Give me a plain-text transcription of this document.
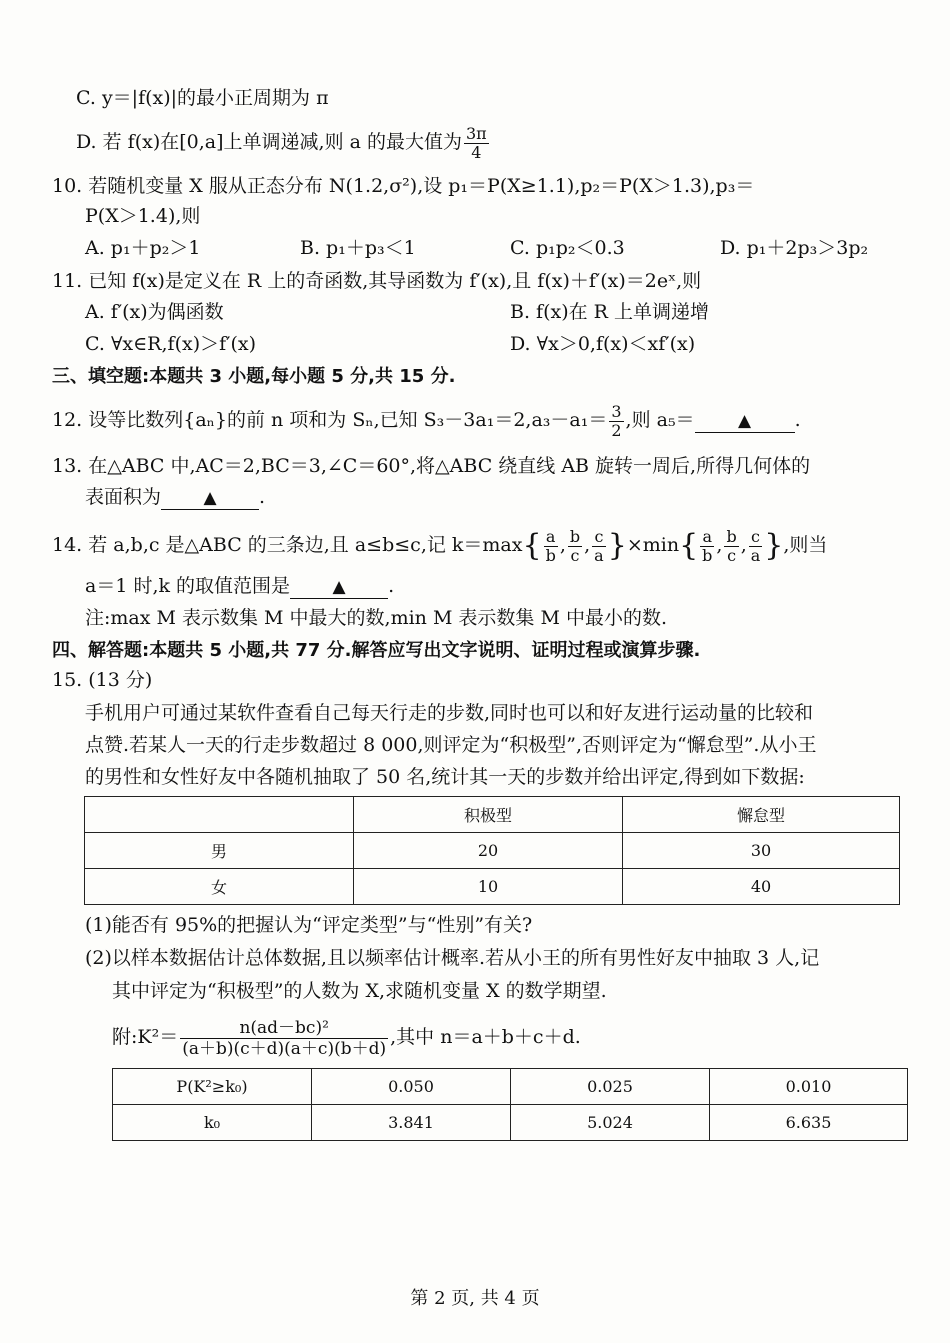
C. y＝|f(x)|的最小正周期为 π
D. 若 f(x)在[0,a]上单调递减,则 a 的最大值为 $\frac{3\pi}{4}$
10. 若随机变量 X 服从正态分布 N(1.2,σ²),设 p₁＝P(X≥1.1),p₂＝P(X＞1.3),p₃＝
P(X＞1.4),则
A. p₁＋p₂＞1	B. p₁＋p₃＜1	C. p₁p₂＜0.3	D. p₁＋2p₃＞3p₂
11. 已知 f(x)是定义在 R 上的奇函数,其导函数为 f′(x),且 f(x)＋f′(x)＝2eˣ,则
A. f′(x)为偶函数	B. f(x)在 R 上单调递增
C. ∀x∈R,f(x)＞f′(x)	D. ∀x＞0,f(x)＜xf′(x)
三、填空题:本题共 3 小题,每小题 5 分,共 15 分.
12. 设等比数列{aₙ}的前 n 项和为 Sₙ,已知 $S_3-3a_1=2,a_3-a_1= \frac{3}{2}$ ,则 a₅＝	▲ .
13. 在△ABC 中,AC＝2,BC＝3,∠C＝60°,将△ABC 绕直线 AB 旋转一周后,所得几何体的
表面积为 ▲ .
14. 若 a,b,c 是△ABC 的三条边,且 a≤b≤c,记 $k=\max\{ \frac{a}{b}$ , $\frac{b}{c}$ , $\frac{c}{a} \}\times\min\{ \frac{a}{b}$ , $\frac{b}{c}$ , $\frac{c}{a}$ },则当
a＝1 时,k 的取值范围是 ▲ .
注:max M 表示数集 M 中最大的数,min M 表示数集 M 中最小的数.
四、解答题:本题共 5 小题,共 77 分.解答应写出文字说明、证明过程或演算步骤.
15. (13 分)
手机用户可通过某软件查看自己每天行走的步数,同时也可以和好友进行运动量的比较和
点赞.若某人一天的行走步数超过 8 000,则评定为“积极型”,否则评定为“懈怠型”.从小王
的男性和女性好友中各随机抽取了 50 名,统计其一天的步数并给出评定,得到如下数据:
	积极型	懈怠型
男	20	30
女	10	40
(1)能否有 95%的把握认为“评定类型”与“性别”有关?
(2)以样本数据估计总体数据,且以频率估计概率.若从小王的所有男性好友中抽取 3 人,记
其中评定为“积极型”的人数为 X,求随机变量 X 的数学期望.
附:K²＝ $\frac{\text{n(ad－bc)²}}{(a+b)(c+d)(a+c)(b+d)}$ ,其中 n＝a＋b＋c＋d.
P(K²≥k₀)	0.050	0.025	0.010
k₀	3.841	5.024	6.635
第 2 页, 共 4 页
